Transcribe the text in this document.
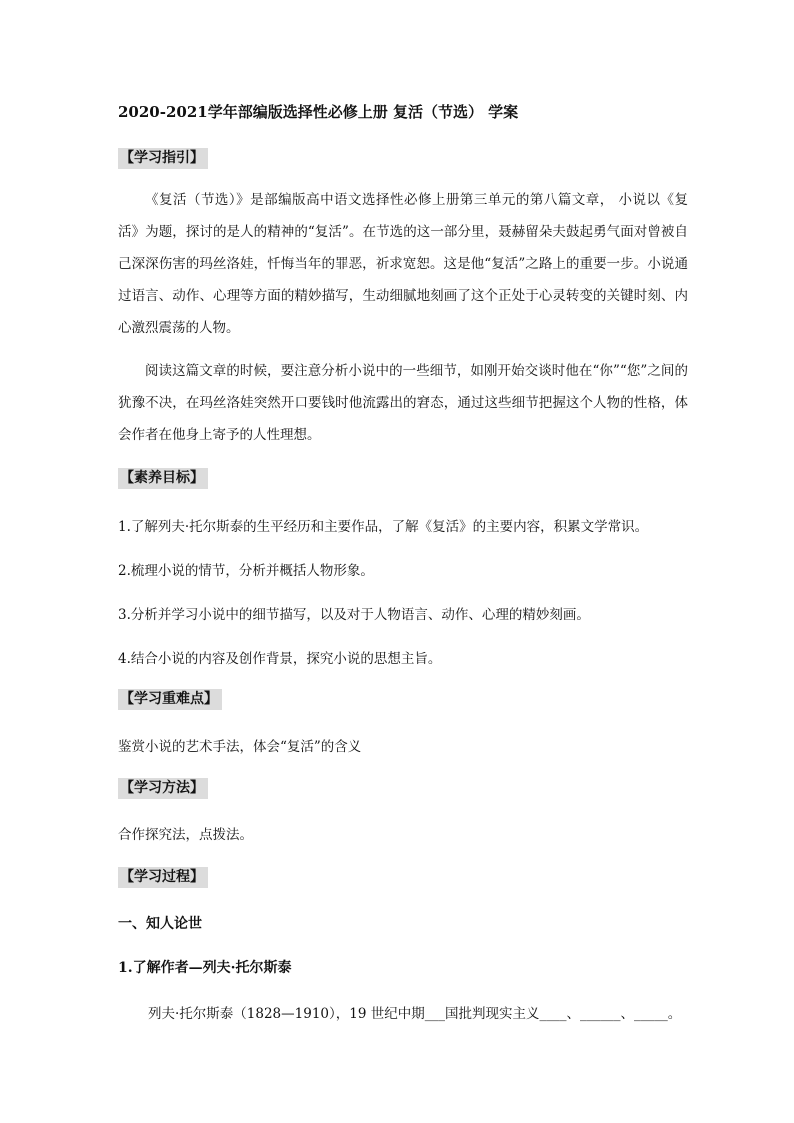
2020-2021学年部编版选择性必修上册 复活（节选） 学案
【学习指引】

《复活（节选）》是部编版高中语文选择性必修上册第三单元的第八篇文章， 小说以《复活》为题，探讨的是人的精神的“复活”。在节选的这一部分里，聂赫留朵夫鼓起勇气面对曾被自己深深伤害的玛丝洛娃，忏悔当年的罪恶，祈求宽恕。这是他“复活”之路上的重要一步。小说通过语言、动作、心理等方面的精妙描写，生动细腻地刻画了这个正处于心灵转变的关键时刻、内心激烈震荡的人物。

阅读这篇文章的时候，要注意分析小说中的一些细节，如刚开始交谈时他在“你”“您”之间的犹豫不决，在玛丝洛娃突然开口要钱时他流露出的窘态，通过这些细节把握这个人物的性格，体会作者在他身上寄予的人性理想。

【素养目标】
1.了解列夫·托尔斯泰的生平经历和主要作品，了解《复活》的主要内容，积累文学常识。
2.梳理小说的情节，分析并概括人物形象。
3.分析并学习小说中的细节描写，以及对于人物语言、动作、心理的精妙刻画。
4.结合小说的内容及创作背景，探究小说的思想主旨。
【学习重难点】
鉴赏小说的艺术手法，体会“复活”的含义
【学习方法】
合作探究法，点拨法。
【学习过程】
一、知人论世
1.了解作者—列夫·托尔斯泰
列夫·托尔斯泰（1828—1910），19 世纪中期___国批判现实主义____、______、_____。
